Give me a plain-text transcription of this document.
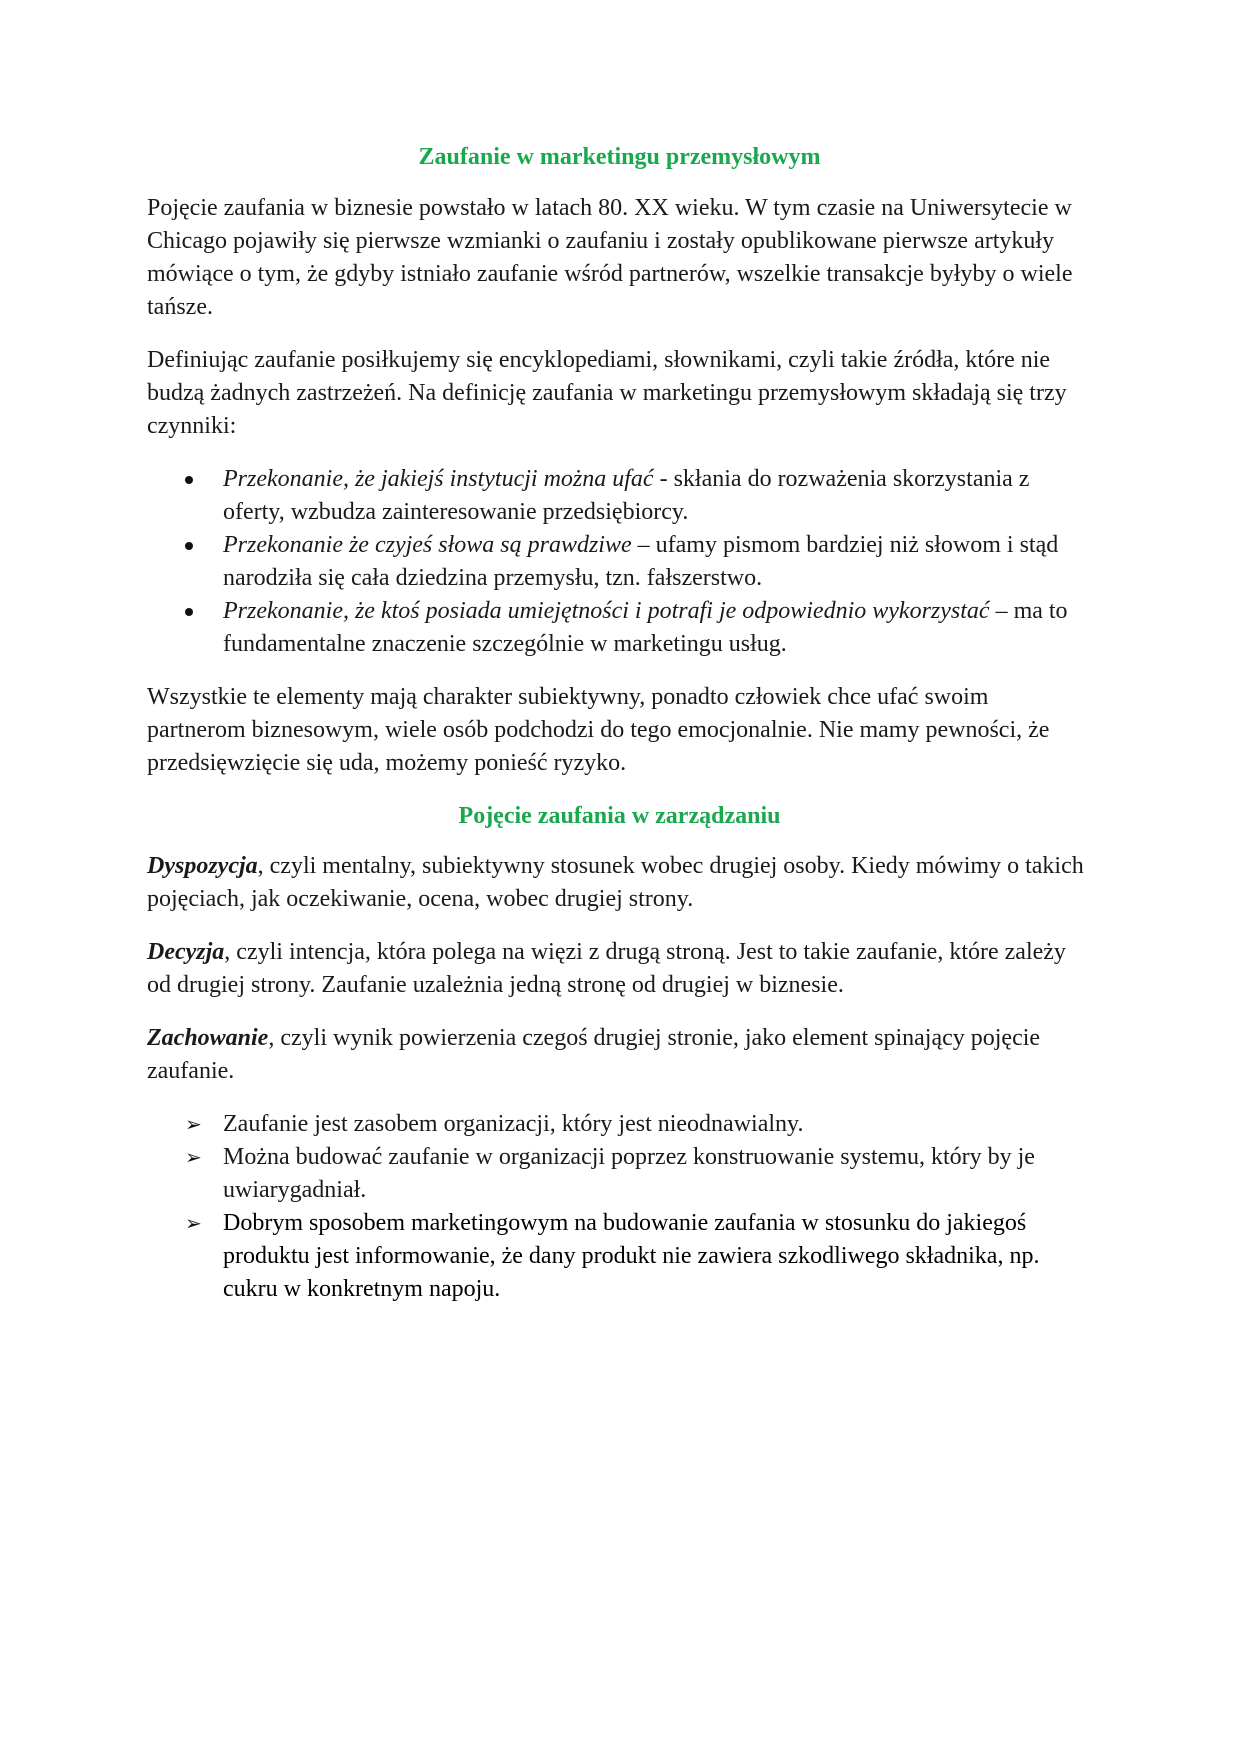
Zaufanie w marketingu przemysłowym

Pojęcie zaufania w biznesie powstało w latach 80. XX wieku. W tym czasie na Uniwersytecie w Chicago pojawiły się pierwsze wzmianki o zaufaniu i zostały opublikowane pierwsze artykuły mówiące o tym, że gdyby istniało zaufanie wśród partnerów, wszelkie transakcje byłyby o wiele tańsze.

Definiując zaufanie posiłkujemy się encyklopediami, słownikami, czyli takie źródła, które nie budzą żadnych zastrzeżeń. Na definicję zaufania w marketingu przemysłowym składają się trzy czynniki:

Przekonanie, że jakiejś instytucji można ufać - skłania do rozważenia skorzystania z oferty, wzbudza zainteresowanie przedsiębiorcy.
Przekonanie że czyjeś słowa są prawdziwe – ufamy pismom bardziej niż słowom i stąd narodziła się cała dziedzina przemysłu, tzn. fałszerstwo.
Przekonanie, że ktoś posiada umiejętności i potrafi je odpowiednio wykorzystać – ma to fundamentalne znaczenie szczególnie w marketingu usług.

Wszystkie te elementy mają charakter subiektywny, ponadto człowiek chce ufać swoim partnerom biznesowym, wiele osób podchodzi do tego emocjonalnie. Nie mamy pewności, że przedsięwzięcie się uda, możemy ponieść ryzyko.

Pojęcie zaufania w zarządzaniu

Dyspozycja, czyli mentalny, subiektywny stosunek wobec drugiej osoby. Kiedy mówimy o takich pojęciach, jak oczekiwanie, ocena, wobec drugiej strony.

Decyzja, czyli intencja, która polega na więzi z drugą stroną. Jest to takie zaufanie, które zależy od drugiej strony. Zaufanie uzależnia jedną stronę od drugiej w biznesie.

Zachowanie, czyli wynik powierzenia czegoś drugiej stronie, jako element spinający pojęcie zaufanie.

➢ Zaufanie jest zasobem organizacji, który jest nieodnawialny.
➢ Można budować zaufanie w organizacji poprzez konstruowanie systemu, który by je uwiarygadniał.
➢ Dobrym sposobem marketingowym na budowanie zaufania w stosunku do jakiegoś produktu jest informowanie, że dany produkt nie zawiera szkodliwego składnika, np. cukru w konkretnym napoju.
